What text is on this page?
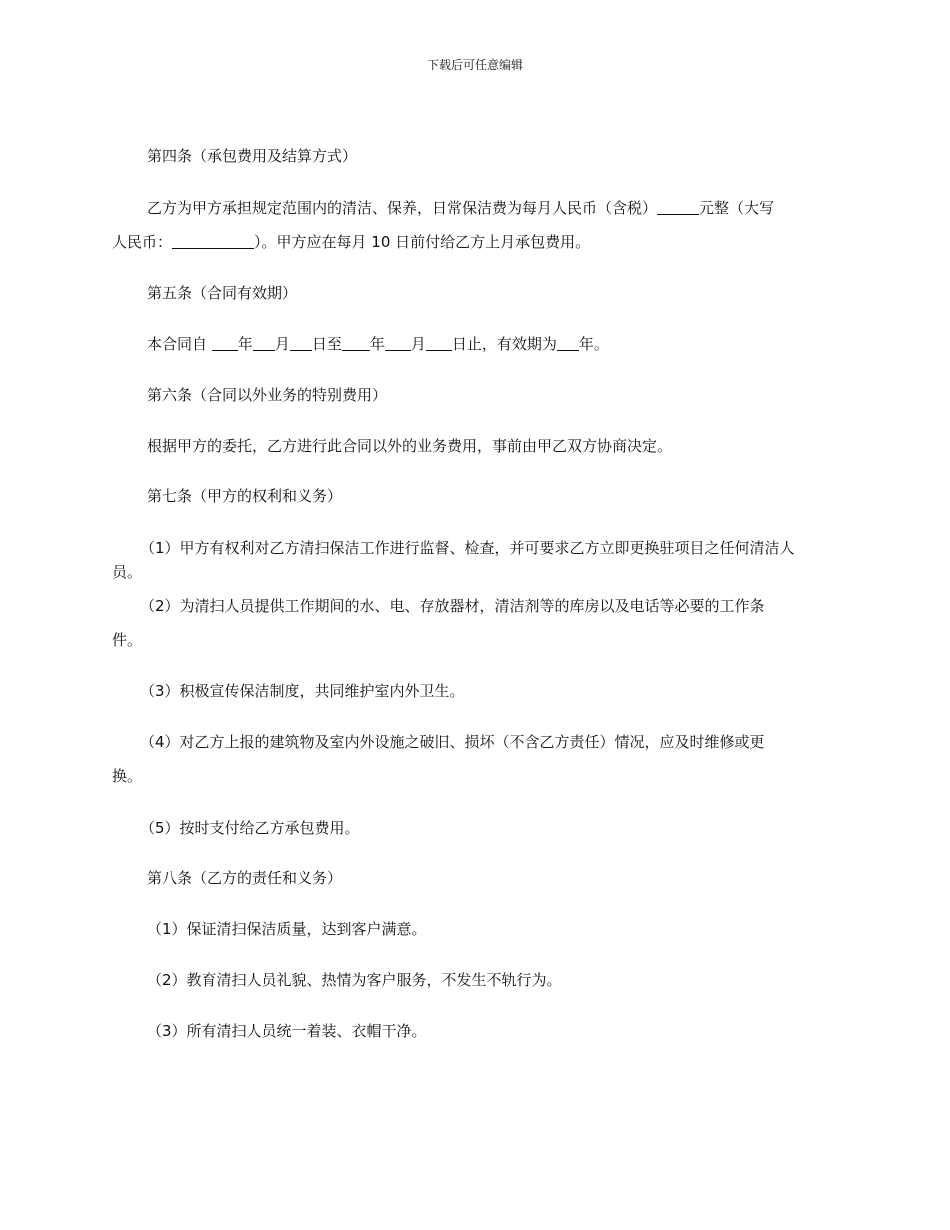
下载后可任意编辑
第四条（承包费用及结算方式）
乙方为甲方承担规定范围内的清洁、保养，日常保洁费为每月人民币（含税）	元整（大写
人民币：	）。甲方应在每月 10 日前付给乙方上月承包费用。
第五条（合同有效期）
本合同自 年 月 日至 年 月 日止，有效期为 年。
第六条（合同以外业务的特别费用）
根据甲方的委托，乙方进行此合同以外的业务费用，事前由甲乙双方协商决定。
第七条（甲方的权利和义务）
（1）甲方有权利对乙方清扫保洁工作进行监督、检查，并可要求乙方立即更换驻项目之任何清洁人
员。
（2）为清扫人员提供工作期间的水、电、存放器材，清洁剂等的库房以及电话等必要的工作条
件。
（3）积极宣传保洁制度，共同维护室内外卫生。
（4）对乙方上报的建筑物及室内外设施之破旧、损坏（不含乙方责任）情况，应及时维修或更
换。
（5）按时支付给乙方承包费用。
第八条（乙方的责任和义务）
（1）保证清扫保洁质量，达到客户满意。
（2）教育清扫人员礼貌、热情为客户服务，不发生不轨行为。
（3）所有清扫人员统一着装、衣帽干净。
